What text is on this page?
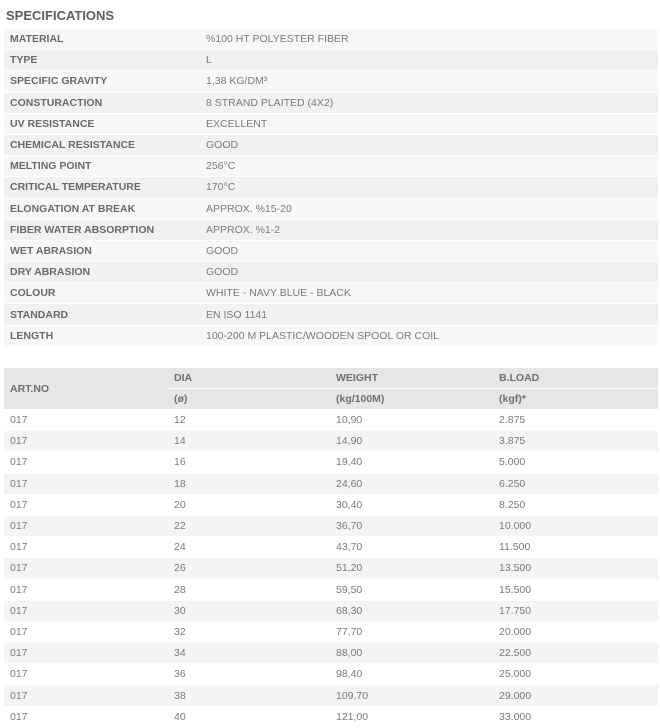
SPECIFICATIONS
MATERIAL	%100 HT POLYESTER FIBER
TYPE	L
SPECIFIC GRAVITY	1,38 KG/DM³
CONSTURACTION	8 STRAND PLAITED (4X2)
UV RESISTANCE	EXCELLENT
CHEMICAL RESISTANCE	GOOD
MELTING POINT	256°C
CRITICAL TEMPERATURE	170°C
ELONGATION AT BREAK	APPROX. %15-20
FIBER WATER ABSORPTION	APPROX. %1-2
WET ABRASION	GOOD
DRY ABRASION	GOOD
COLOUR	WHITE - NAVY BLUE - BLACK
STANDARD	EN ISO 1141
LENGTH	100-200 M PLASTIC/WOODEN SPOOL OR COIL
ART.NO	DIA	WEIGHT	B.LOAD
	(ø)	(kg/100M)	(kgf)*
017	12	10,90	2.875
017	14	14,90	3.875
017	16	19,40	5.000
017	18	24,60	6.250
017	20	30,40	8.250
017	22	36,70	10.000
017	24	43,70	11.500
017	26	51,20	13.500
017	28	59,50	15.500
017	30	68,30	17.750
017	32	77,70	20.000
017	34	88,00	22.500
017	36	98,40	25.000
017	38	109,70	29.000
017	40	121,00	33.000
